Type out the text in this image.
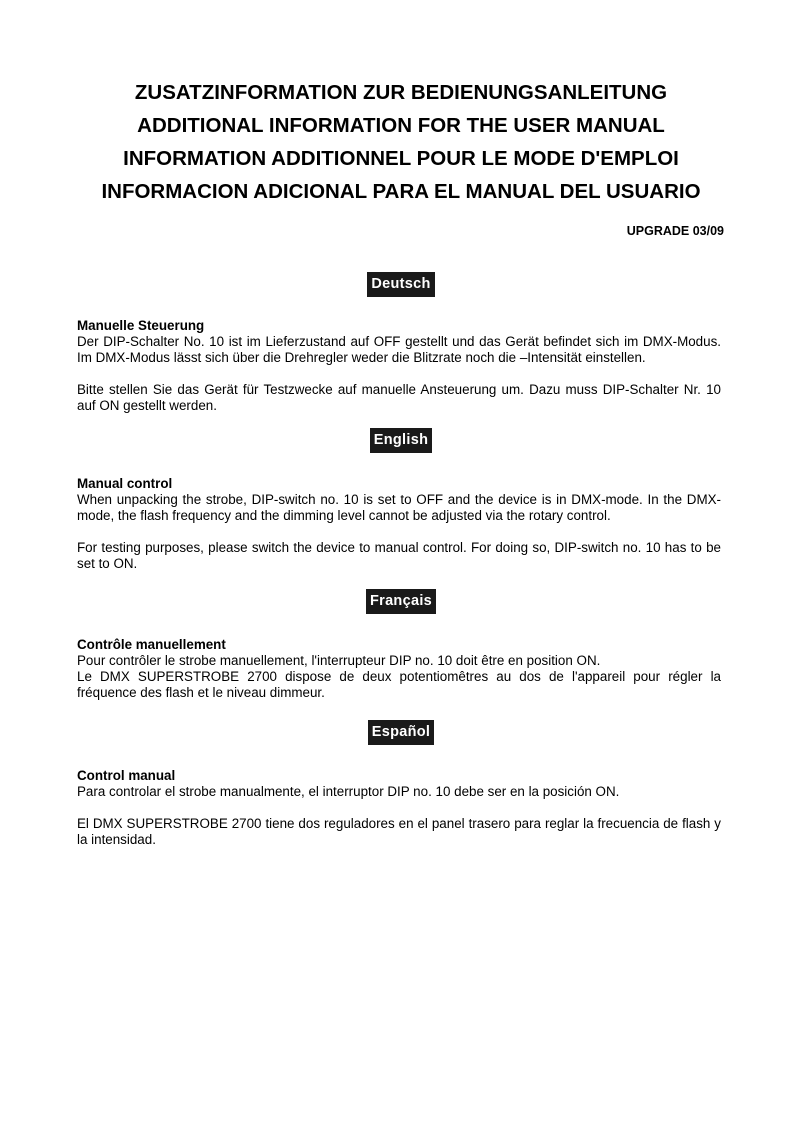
ZUSATZINFORMATION ZUR BEDIENUNGSANLEITUNG
ADDITIONAL INFORMATION FOR THE USER MANUAL
INFORMATION ADDITIONNEL POUR LE MODE D'EMPLOI
INFORMACION ADICIONAL PARA EL MANUAL DEL USUARIO
UPGRADE 03/09
Deutsch
Manuelle Steuerung

Der DIP-Schalter No. 10 ist im Lieferzustand auf OFF gestellt und das Gerät befindet sich im DMX-Modus. Im DMX-Modus lässt sich über die Drehregler weder die Blitzrate noch die –Intensität einstellen.

Bitte stellen Sie das Gerät für Testzwecke auf manuelle Ansteuerung um. Dazu muss DIP-Schalter Nr. 10 auf ON gestellt werden.

English
Manual control

When unpacking the strobe, DIP-switch no. 10 is set to OFF and the device is in DMX-mode. In the DMX-mode, the flash frequency and the dimming level cannot be adjusted via the rotary control.

For testing purposes, please switch the device to manual control. For doing so, DIP-switch no. 10 has to be set to ON.

Français
Contrôle manuellement

Pour contrôler le strobe manuellement, l'interrupteur DIP no. 10 doit être en position ON.

Le DMX SUPERSTROBE 2700 dispose de deux potentiomêtres au dos de l'appareil pour régler la fréquence des flash et le niveau dimmeur.

Español
Control manual

Para controlar el strobe manualmente, el interruptor DIP no. 10 debe ser en la posición ON.

El DMX SUPERSTROBE 2700 tiene dos reguladores en el panel trasero para reglar la frecuencia de flash y la intensidad.
